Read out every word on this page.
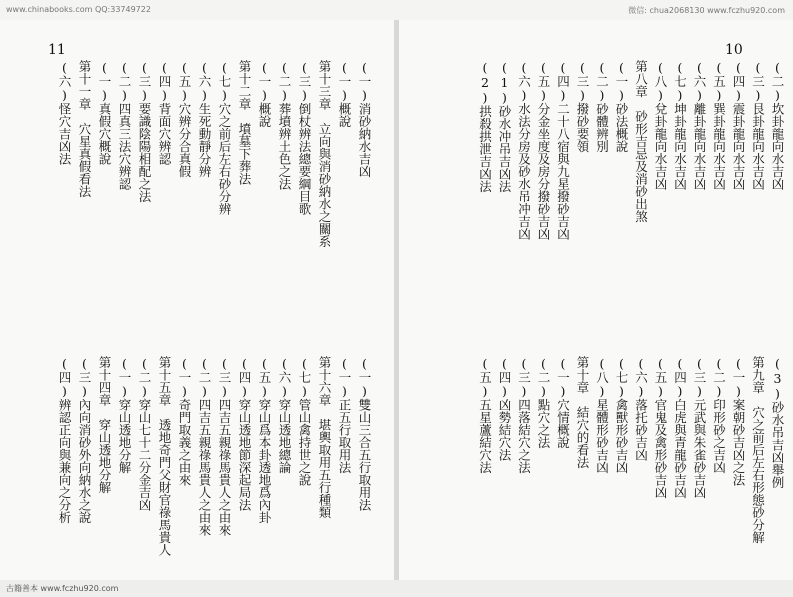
www.chinabooks.com QQ:33749722	微信: chua2068130 www.fczhu920.com
11
(一)消砂納水吉凶
(一)概說
第十三章　立向與消砂納水之關系
(三)倒杖辨法總要綱目歌
(二)葬墳辨土色之法
(一)概說
第十二章　墳墓下葬法
(七)穴之前后左右砂分辨
(六)生死動靜分辨
(五)穴辨分合真假
(四)背面穴辨認
(三)要識陰陽相配之法
(二)四真三法穴辨認
(一)真假穴概說
第十一章　穴星真假看法
(六)怪穴吉凶法
(一)雙山三合五行取用法
(一)正五行取用法
第十六章　堪輿取用五行種類
(七)管山禽持世之說
(六)穿山透地總論
(五)穿山爲本卦透地爲內卦
(四)穿山透地節深起局法
(三)四吉五親祿馬貴人之由來
(二)四吉五親祿馬貴人之由來
(一)奇門取義之由來
第十五章　透地奇門父財官祿馬貴人
(二)穿山七十二分金吉凶
(一)穿山透地分解
第十四章　穿山透地分解
(三)內向消砂外向納水之說
(四)辨認正向與兼向之分析
10
(二)坎卦龍向水吉凶
(三)艮卦龍向水吉凶
(四)震卦龍向水吉凶
(五)巽卦龍向水吉凶
(六)離卦龍向水吉凶
(七)坤卦龍向水吉凶
(八)兌卦龍向水吉凶
第八章　砂形吉忌及消砂出煞
(一)砂法概說
(二)砂體辨別
(三)撥砂要領
(四)二十八宿與九星撥砂吉凶
(五)分金坐度及房分撥砂吉凶
(六)水法分房及砂水吊冲吉凶
(1)砂水冲吊吉凶法
(2)拱殺拱泄吉凶法
(3)砂水吊吉凶舉例
第九章　穴之前后左右形態砂分解
(一)案朝砂吉凶之法
(二)印形砂之吉凶
(三)元武與朱雀砂吉凶
(四)白虎與青龍砂吉凶
(五)官鬼及禽形砂吉凶
(六)落托砂吉凶
(七)禽獸形砂吉凶
(八)星體形砂吉凶
第十章　結穴的看法
(一)穴情概說
(二)點穴之法
(三)四落結穴之法
(四)凶勢結穴法
(五)五星蘆結穴法
古籍善本 www.fczhu920.com
